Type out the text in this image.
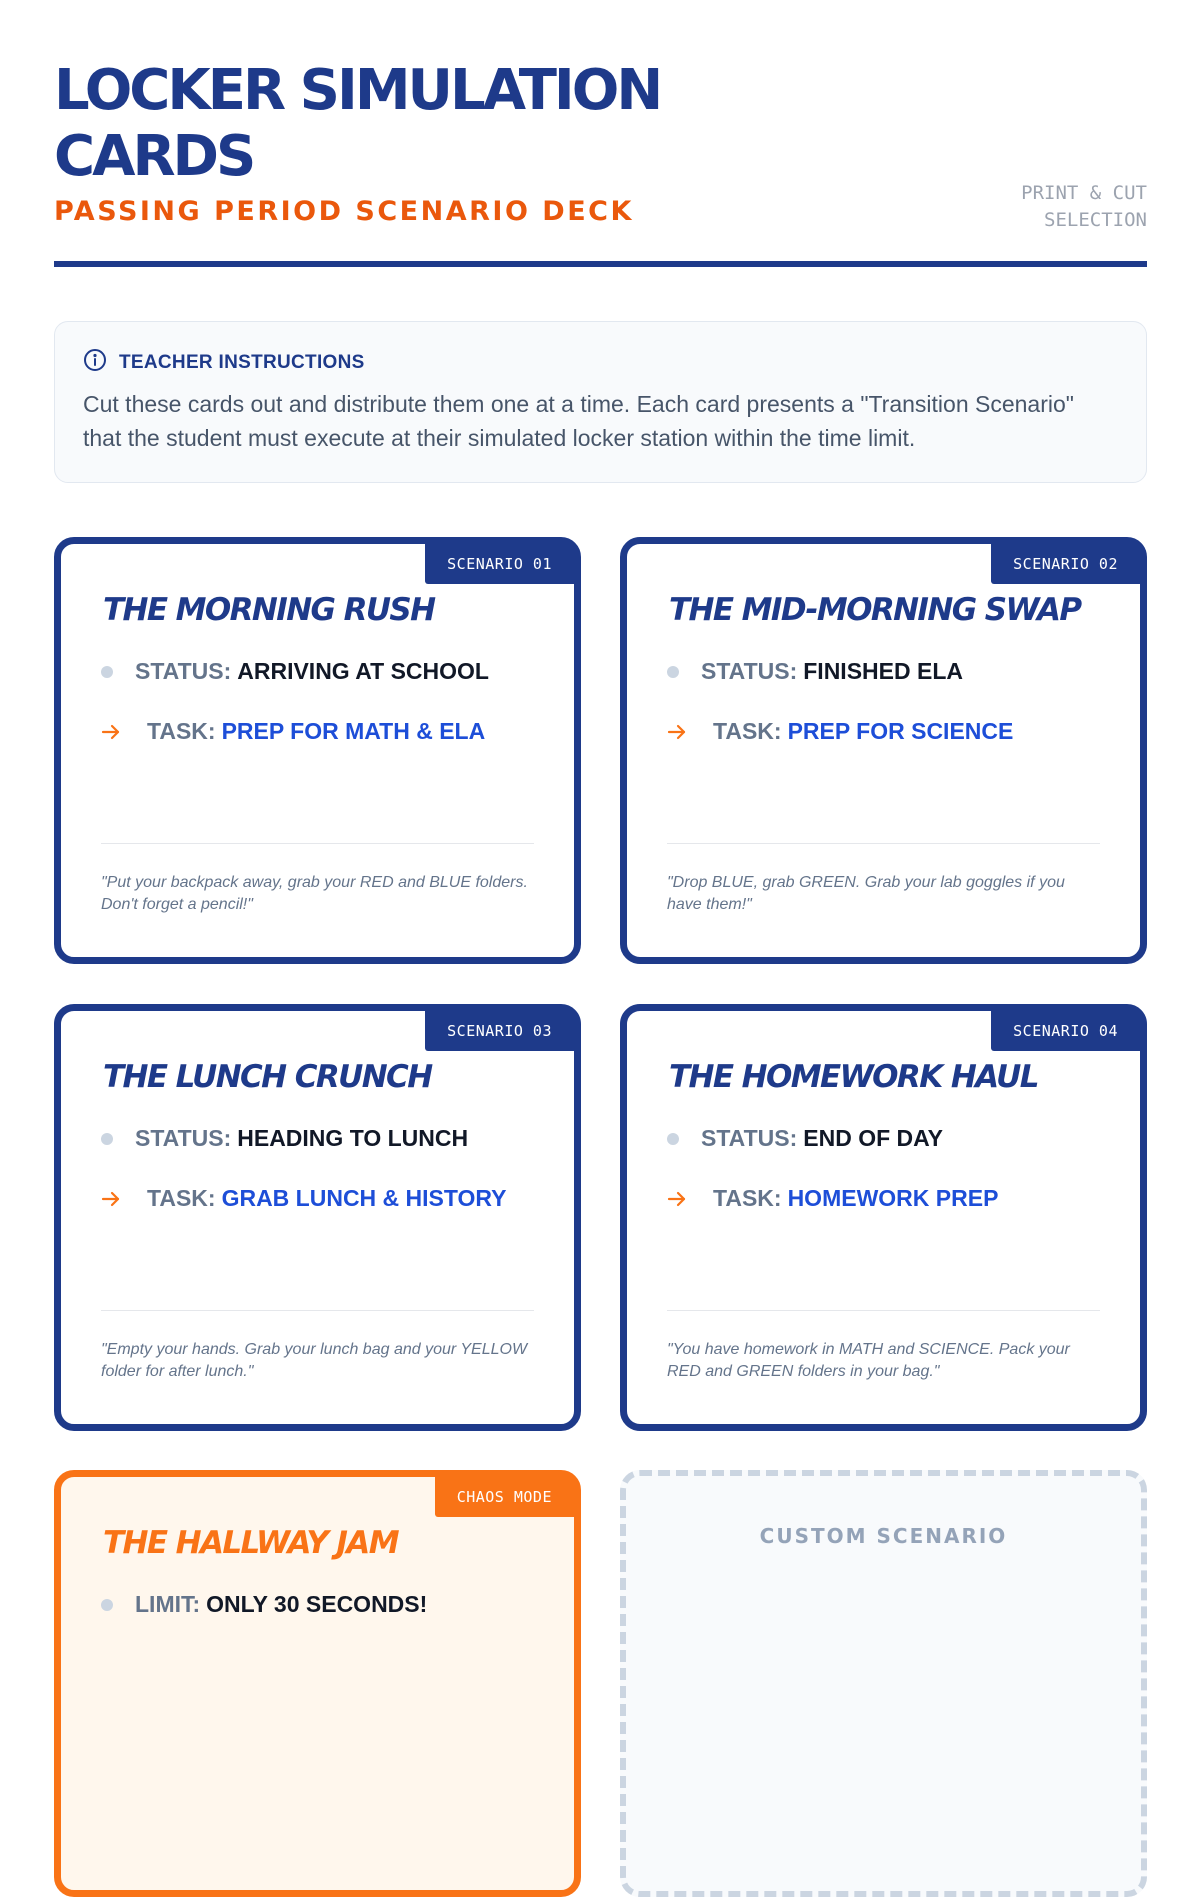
LOCKER SIMULATION CARDS
PASSING PERIOD SCENARIO DECK
PRINT & CUT SELECTION
TEACHER INSTRUCTIONS
Cut these cards out and distribute them one at a time. Each card presents a "Transition Scenario" that the student must execute at their simulated locker station within the time limit.
SCENARIO 01
THE MORNING RUSH
STATUS: ARRIVING AT SCHOOL
TASK: PREP FOR MATH & ELA
"Put your backpack away, grab your RED and BLUE folders. Don't forget a pencil!"
SCENARIO 02
THE MID-MORNING SWAP
STATUS: FINISHED ELA
TASK: PREP FOR SCIENCE
"Drop BLUE, grab GREEN. Grab your lab goggles if you have them!"
SCENARIO 03
THE LUNCH CRUNCH
STATUS: HEADING TO LUNCH
TASK: GRAB LUNCH & HISTORY
"Empty your hands. Grab your lunch bag and your YELLOW folder for after lunch."
SCENARIO 04
THE HOMEWORK HAUL
STATUS: END OF DAY
TASK: HOMEWORK PREP
"You have homework in MATH and SCIENCE. Pack your RED and GREEN folders in your bag."
CHAOS MODE
THE HALLWAY JAM
LIMIT: ONLY 30 SECONDS!
CUSTOM SCENARIO
